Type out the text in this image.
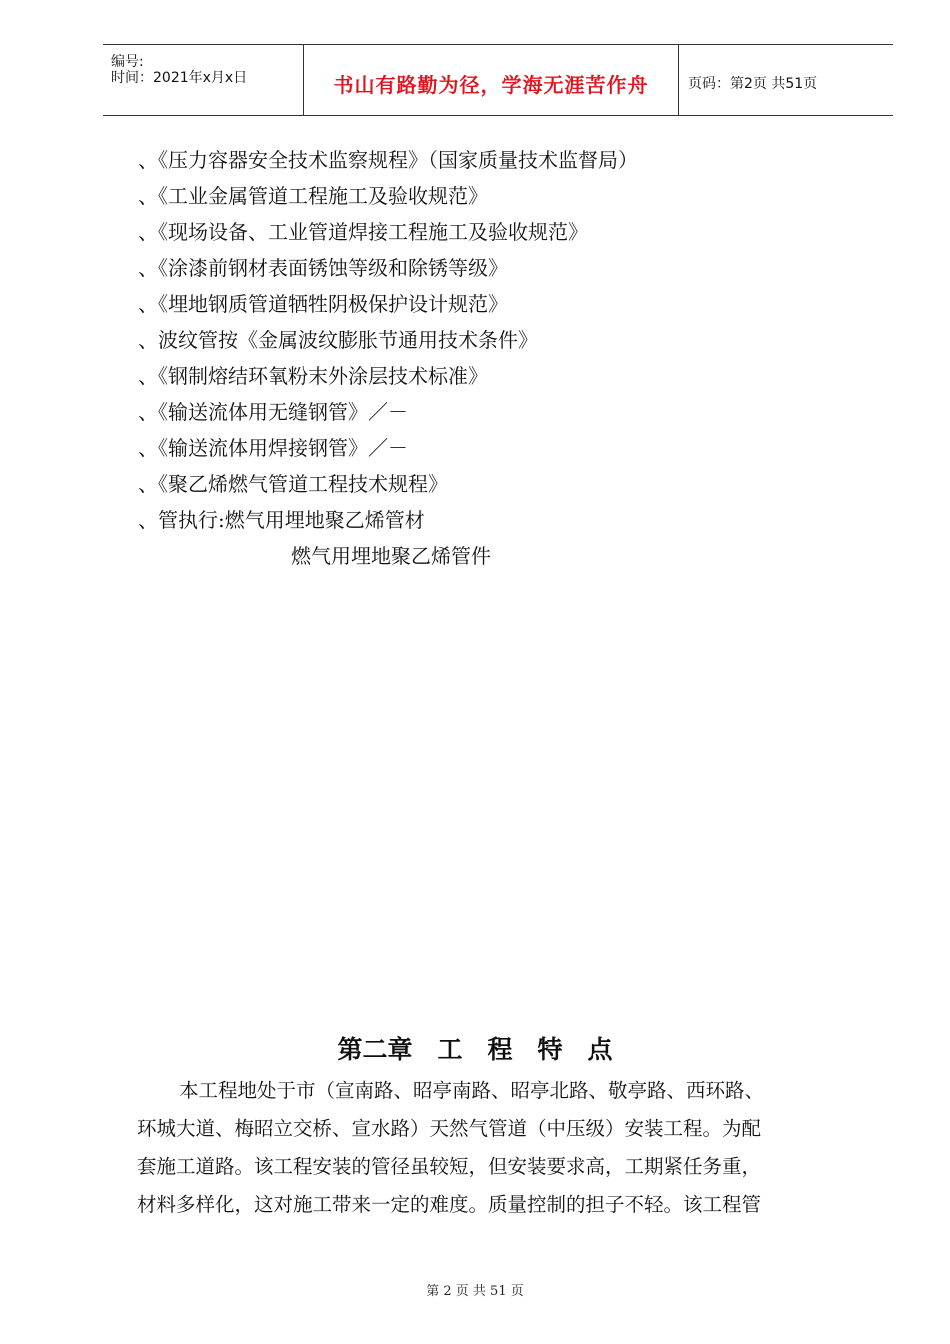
编号:
时间：2021年x月x日	书山有路勤为径，学海无涯苦作舟	页码：第2页 共51页
、《压力容器安全技术监察规程》（国家质量技术监督局）
、《工业金属管道工程施工及验收规范》
、《现场设备、工业管道焊接工程施工及验收规范》
、《涂漆前钢材表面锈蚀等级和除锈等级》
、《埋地钢质管道牺牲阴极保护设计规范》
、波纹管按《金属波纹膨胀节通用技术条件》
、《钢制熔结环氧粉末外涂层技术标准》
、《输送流体用无缝钢管》／－
、《输送流体用焊接钢管》／－
、《聚乙烯燃气管道工程技术规程》
、管执行:燃气用埋地聚乙烯管材
燃气用埋地聚乙烯管件
第二章　工　程　特　点
本工程地处于市（宣南路、昭亭南路、昭亭北路、敬亭路、西环路、
环城大道、梅昭立交桥、宣水路）天然气管道（中压级）安装工程。为配
套施工道路。该工程安装的管径虽较短，但安装要求高，工期紧任务重，
材料多样化，这对施工带来一定的难度。质量控制的担子不轻。该工程管
第 2 页 共 51 页
